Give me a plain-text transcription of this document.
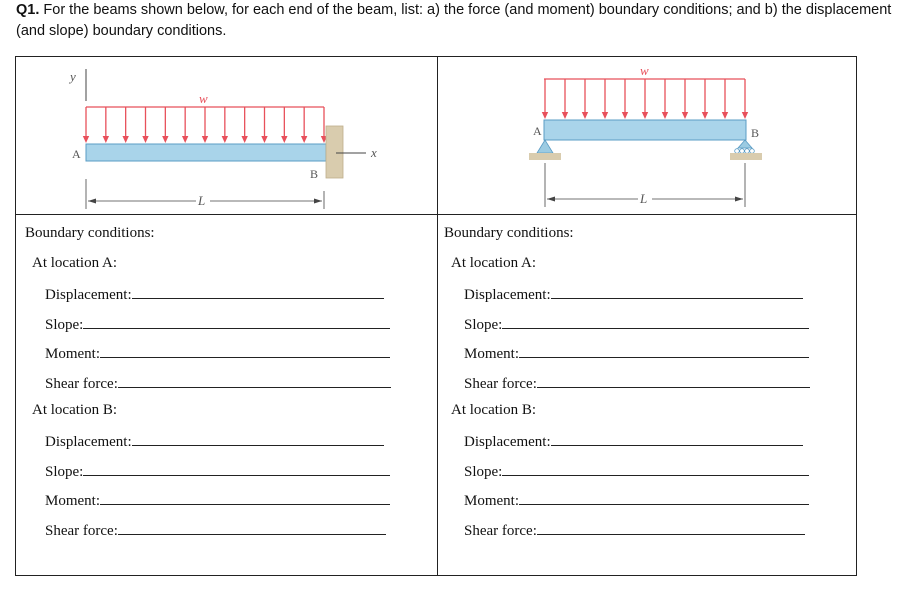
Q1. For the beams shown below, for each end of the beam, list: a) the force (and moment) boundary conditions; and b) the displacement (and slope) boundary conditions.
y
w
x
A
B
L
w
A	B
L
Boundary conditions:
At location A:
Displacement:
Slope:
Moment:
Shear force:
At location B:
Displacement:
Slope:
Moment:
Shear force:
Boundary conditions:
At location A:
Displacement:
Slope:
Moment:
Shear force:
At location B:
Displacement:
Slope:
Moment:
Shear force:
